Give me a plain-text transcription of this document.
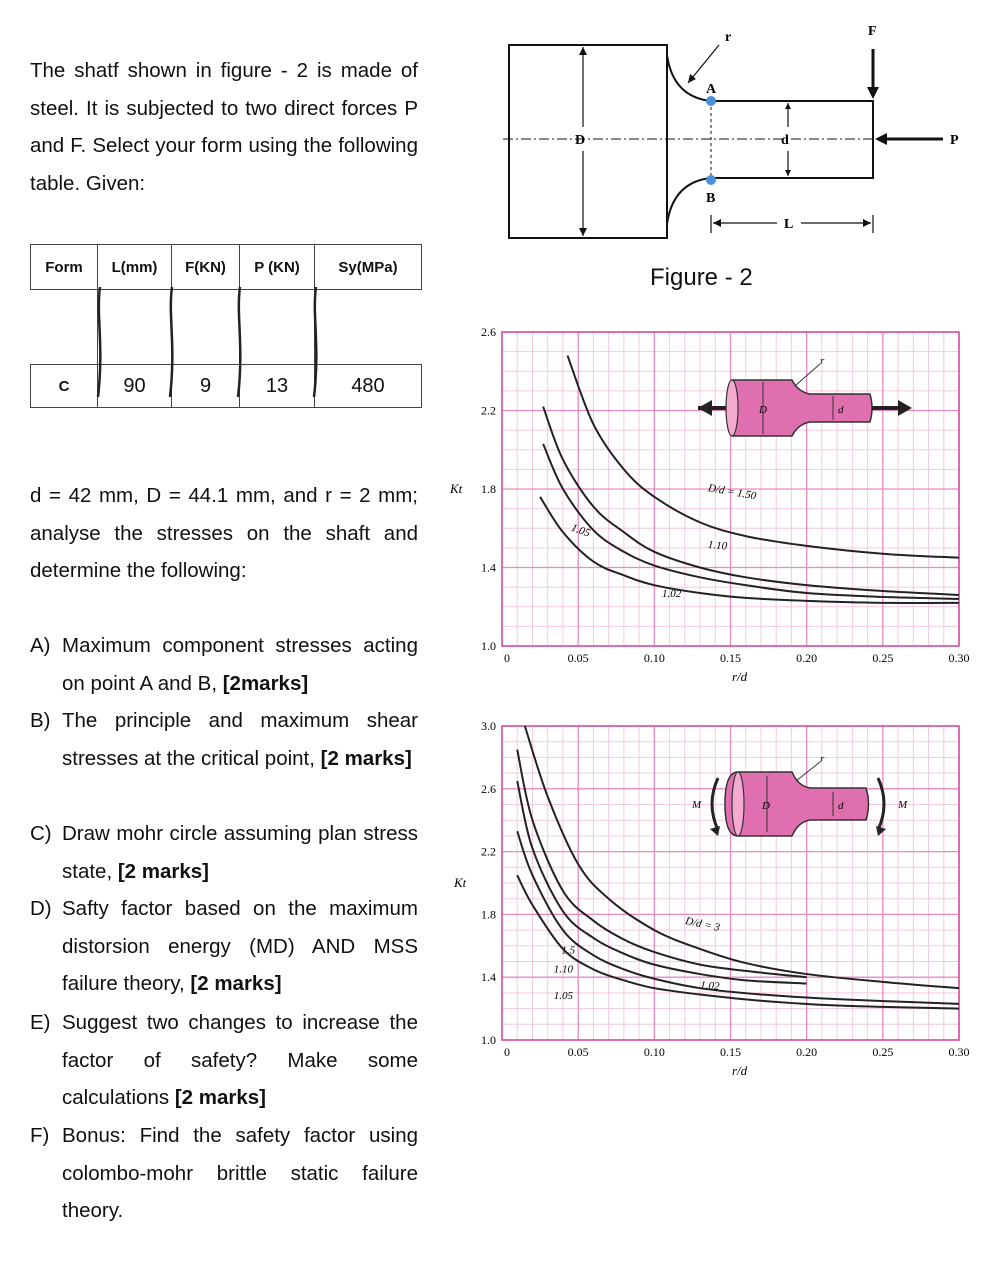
The shatf shown in figure - 2 is made of steel. It is subjected to two direct forces P and F. Select your form using the following table. Given:
Form	L(mm)	F(KN)	P (KN)	Sy(MPa)

C	90	9	13	480
d = 42 mm, D = 44.1 mm, and r = 2 mm; analyse the stresses on the shaft and determine the following:
A) Maximum component stresses acting on point A and B, [2marks]
B) The principle and maximum shear stresses at the critical point, [2 marks]
C) Draw mohr circle assuming plan stress state, [2 marks]
D) Safty factor based on the maximum distorsion energy (MD) AND MSS failure theory, [2 marks]
E) Suggest two changes to increase the factor of safety? Make some calculations [2 marks]
F) Bonus: Find the safety factor using colombo-mohr brittle static failure theory.
D	d
r
A
B
L
F
P
Figure - 2
D/d = 1.50
1.10
1.05
1.02
0	0.05	0.10	0.15	0.20	0.25	0.30
1.0
1.4
1.8
2.2
2.6
D	d
r
Kt
r/d
D/d = 3
1.5
1.10
1.05
1.02
0	0.05	0.10	0.15	0.20	0.25	0.30
1.0
1.4
1.8
2.2
2.6
3.0
M	M
D	d
r
Kt
r/d
